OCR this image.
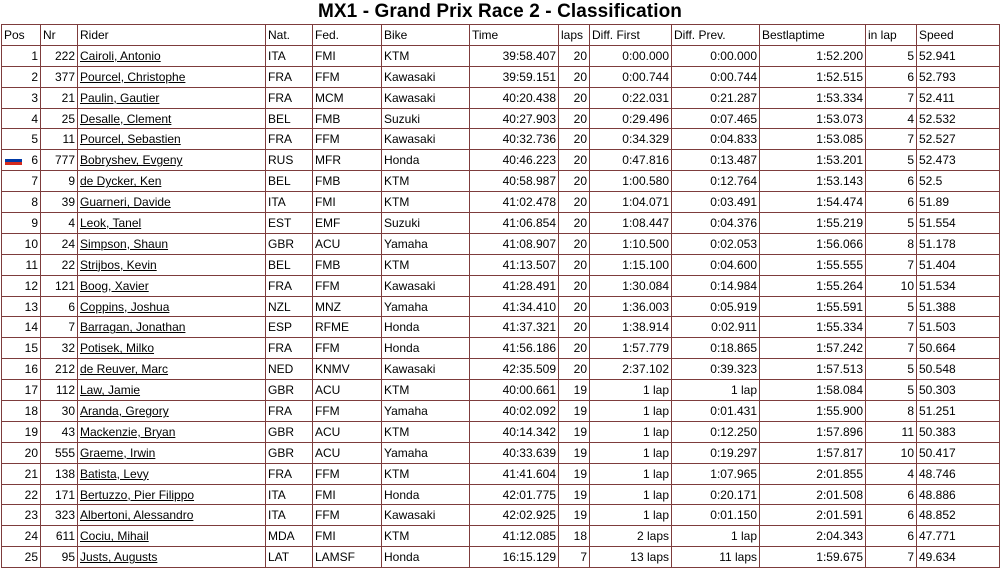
MX1 - Grand Prix Race 2 - Classification
Pos	Nr	Rider	Nat.	Fed.	Bike	Time	laps	Diff. First	Diff. Prev.	Bestlaptime	in lap	Speed
1	222	Cairoli, Antonio	ITA	FMI	KTM	39:58.407	20	0:00.000	0:00.000	1:52.200	5	52.941
2	377	Pourcel, Christophe	FRA	FFM	Kawasaki	39:59.151	20	0:00.744	0:00.744	1:52.515	6	52.793
3	21	Paulin, Gautier	FRA	MCM	Kawasaki	40:20.438	20	0:22.031	0:21.287	1:53.334	7	52.411
4	25	Desalle, Clement	BEL	FMB	Suzuki	40:27.903	20	0:29.496	0:07.465	1:53.073	4	52.532
5	11	Pourcel, Sebastien	FRA	FFM	Kawasaki	40:32.736	20	0:34.329	0:04.833	1:53.085	7	52.527

6	777	Bobryshev, Evgeny	RUS	MFR	Honda	40:46.223	20	0:47.816	0:13.487	1:53.201	5	52.473
7	9	de Dycker, Ken	BEL	FMB	KTM	40:58.987	20	1:00.580	0:12.764	1:53.143	6	52.5
8	39	Guarneri, Davide	ITA	FMI	KTM	41:02.478	20	1:04.071	0:03.491	1:54.474	6	51.89
9	4	Leok, Tanel	EST	EMF	Suzuki	41:06.854	20	1:08.447	0:04.376	1:55.219	5	51.554
10	24	Simpson, Shaun	GBR	ACU	Yamaha	41:08.907	20	1:10.500	0:02.053	1:56.066	8	51.178
11	22	Strijbos, Kevin	BEL	FMB	KTM	41:13.507	20	1:15.100	0:04.600	1:55.555	7	51.404
12	121	Boog, Xavier	FRA	FFM	Kawasaki	41:28.491	20	1:30.084	0:14.984	1:55.264	10	51.534
13	6	Coppins, Joshua	NZL	MNZ	Yamaha	41:34.410	20	1:36.003	0:05.919	1:55.591	5	51.388
14	7	Barragan, Jonathan	ESP	RFME	Honda	41:37.321	20	1:38.914	0:02.911	1:55.334	7	51.503
15	32	Potisek, Milko	FRA	FFM	Honda	41:56.186	20	1:57.779	0:18.865	1:57.242	7	50.664
16	212	de Reuver, Marc	NED	KNMV	Kawasaki	42:35.509	20	2:37.102	0:39.323	1:57.513	5	50.548
17	112	Law, Jamie	GBR	ACU	KTM	40:00.661	19	1 lap	1 lap	1:58.084	5	50.303
18	30	Aranda, Gregory	FRA	FFM	Yamaha	40:02.092	19	1 lap	0:01.431	1:55.900	8	51.251
19	43	Mackenzie, Bryan	GBR	ACU	KTM	40:14.342	19	1 lap	0:12.250	1:57.896	11	50.383
20	555	Graeme, Irwin	GBR	ACU	Yamaha	40:33.639	19	1 lap	0:19.297	1:57.817	10	50.417
21	138	Batista, Levy	FRA	FFM	KTM	41:41.604	19	1 lap	1:07.965	2:01.855	4	48.746
22	171	Bertuzzo, Pier Filippo	ITA	FMI	Honda	42:01.775	19	1 lap	0:20.171	2:01.508	6	48.886
23	323	Albertoni, Alessandro	ITA	FFM	Kawasaki	42:02.925	19	1 lap	0:01.150	2:01.591	6	48.852
24	611	Cociu, Mihail	MDA	FMI	KTM	41:12.085	18	2 laps	1 lap	2:04.343	6	47.771
25	95	Justs, Augusts	LAT	LAMSF	Honda	16:15.129	7	13 laps	11 laps	1:59.675	7	49.634
